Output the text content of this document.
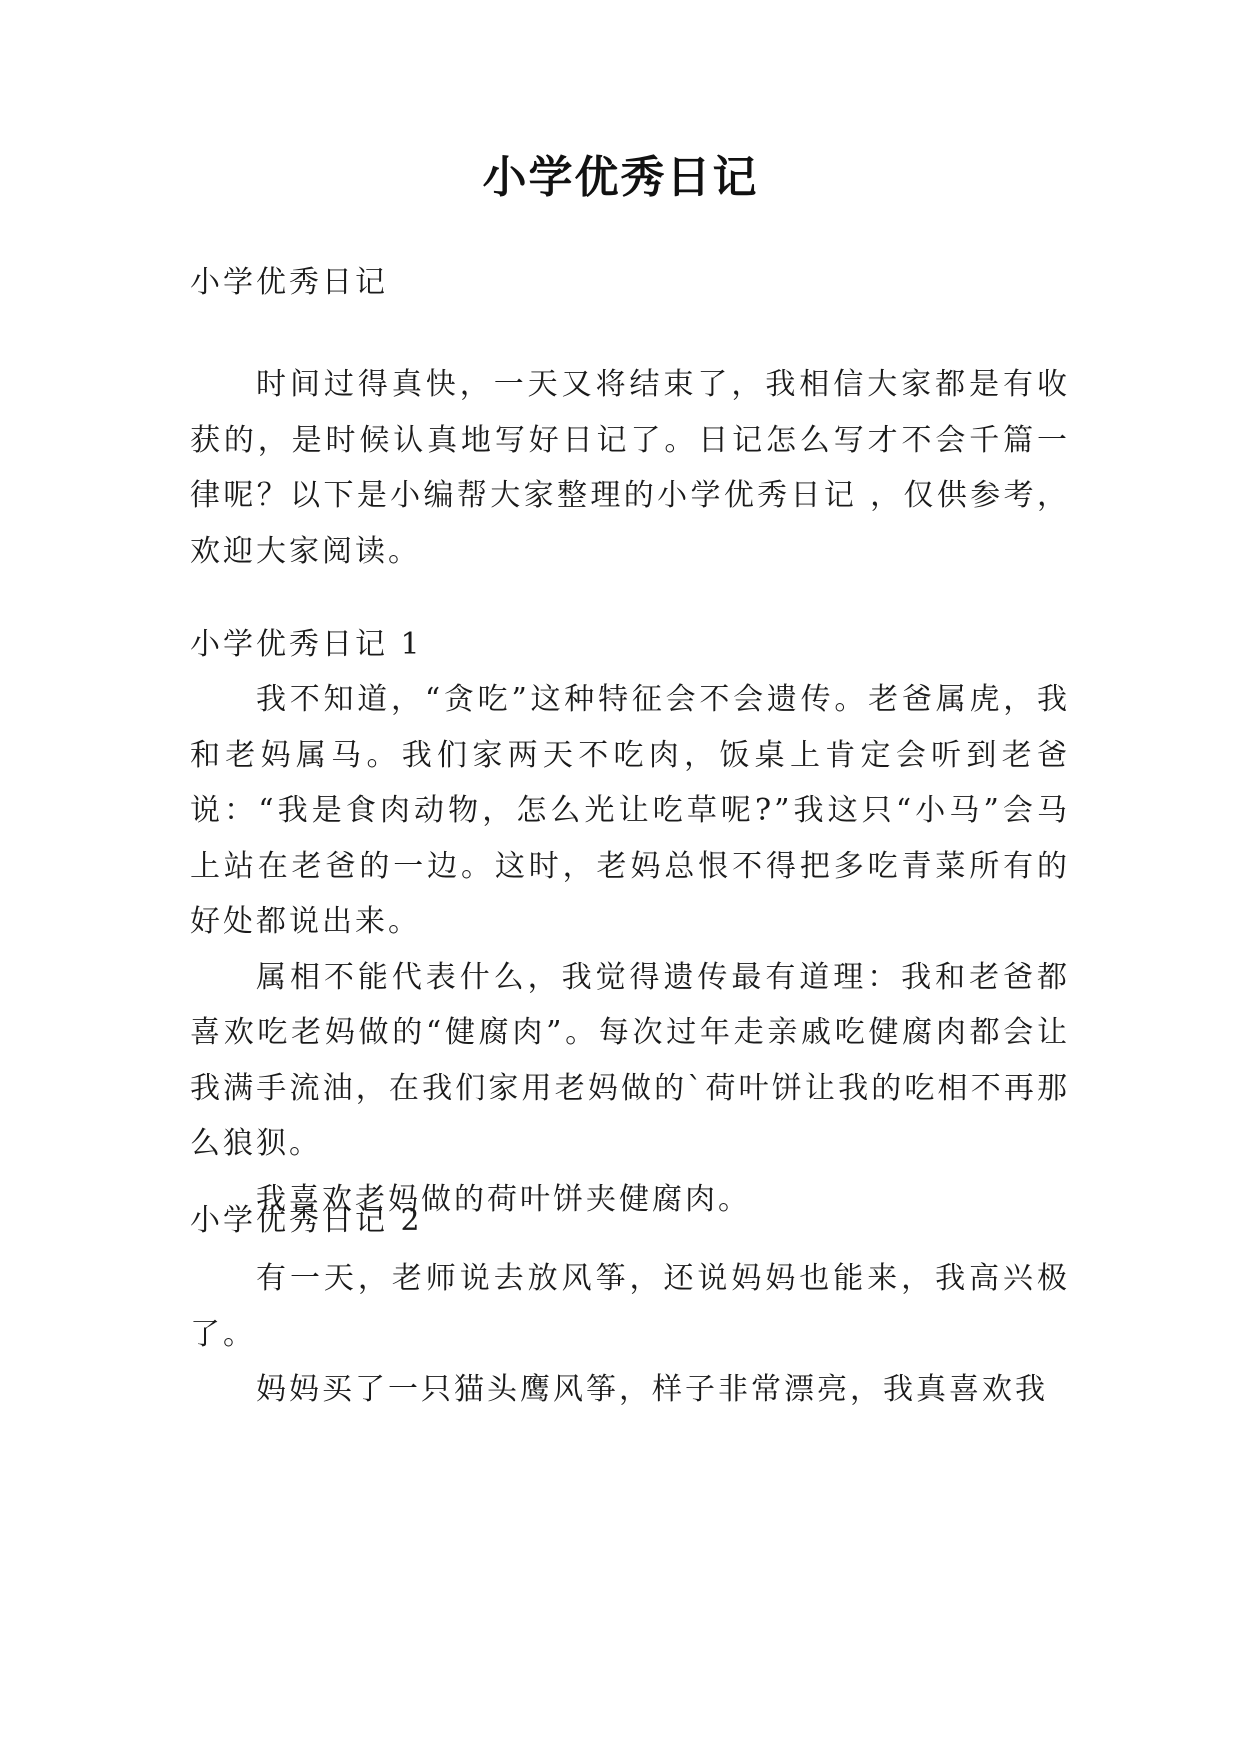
小学优秀日记
小学优秀日记

时间过得真快，一天又将结束了，我相信大家都是有收获的，是时候认真地写好日记了。日记怎么写才不会千篇一律呢？以下是小编帮大家整理的小学优秀日记 ，仅供参考，欢迎大家阅读。

小学优秀日记 1

我不知道，“贪吃”这种特征会不会遗传。老爸属虎，我和老妈属马。我们家两天不吃肉，饭桌上肯定会听到老爸说：“我是食肉动物，怎么光让吃草呢?”我这只“小马”会马上站在老爸的一边。这时，老妈总恨不得把多吃青菜所有的好处都说出来。

属相不能代表什么，我觉得遗传最有道理：我和老爸都喜欢吃老妈做的“健腐肉”。每次过年走亲戚吃健腐肉都会让我满手流油，在我们家用老妈做的`荷叶饼让我的吃相不再那么狼狈。

我喜欢老妈做的荷叶饼夹健腐肉。

小学优秀日记 2

有一天，老师说去放风筝，还说妈妈也能来，我高兴极了。

妈妈买了一只猫头鹰风筝，样子非常漂亮，我真喜欢我
